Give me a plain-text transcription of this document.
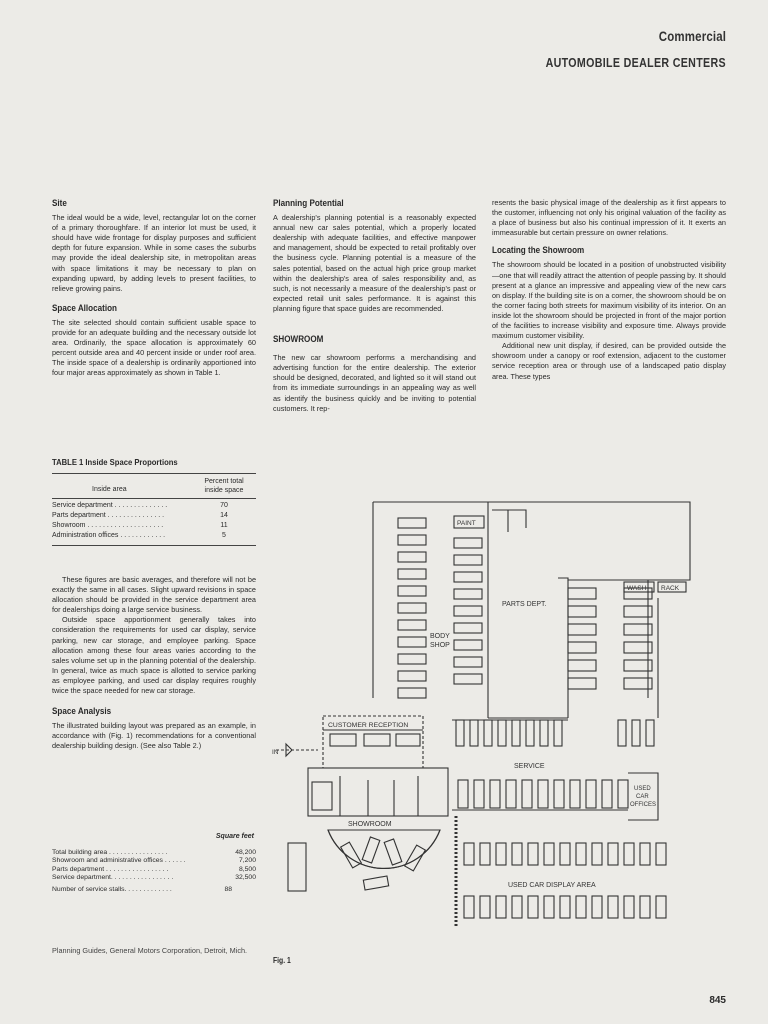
Commercial
AUTOMOBILE DEALER CENTERS
Site

The ideal would be a wide, level, rectangular lot on the corner of a primary thoroughfare. If an interior lot must be used, it should have wide frontage for display purposes and sufficient depth for future expansion. While in some cases the suburbs may provide the ideal dealership site, in metropolitan areas with space limitations it may be necessary to plan on expanding upward, by adding levels to present facilities, to relieve growing pains.

Space Allocation

The site selected should contain sufficient usable space to provide for an adequate building and the necessary outside lot area. Ordinarily, the space allocation is approximately 60 percent outside area and 40 percent inside or under roof area. The inside space of a dealership is ordinarily apportioned into four major areas approximately as shown in Table 1.

TABLE 1 Inside Space Proportions
Inside area	Percent total
inside space

Service department . . . . . . . . . . . . . .	70
Parts department . . . . . . . . . . . . . . .	14
Showroom . . . . . . . . . . . . . . . . . . . .	11
Administration offices . . . . . . . . . . . .	5

These figures are basic averages, and therefore will not be exactly the same in all cases. Slight upward revisions in space allocation should be provided in the service department area for dealerships doing a large service business.

Outside space apportionment generally takes into consideration the requirements for used car display, service parking, new car storage, and employee parking. Space allocation among these four areas varies according to the sales volume set up in the planning potential of the dealership. In general, twice as much space is allotted to service parking as employee parking, and used car display requires roughly twice the space needed for new car storage.

Space Analysis

The illustrated building layout was prepared as an example, in accordance with (Fig. 1) recommendations for a conventional dealership building design. (See also Table 2.)

Square feet
Total building area . . . . . . . . . . . . . . . .	48,200
Showroom and administrative offices . . . . . .	7,200
Parts department . . . . . . . . . . . . . . . . .	8,500
Service department. . . . . . . . . . . . . . . . .	32,500

Number of service stalls. . . . . . . . . . . . .	88
Planning Guides, General Motors Corporation, Detroit, Mich.
Planning Potential

A dealership's planning potential is a reasonably expected annual new car sales potential, which a properly located dealership with adequate facilities, and effective manpower and management, should be expected to retail profitably over the business cycle. Planning potential is a measure of the sales potential, based on the actual high price group market within the dealership's area of sales responsibility and, as such, is not necessarily a measure of the dealership's past or expected retail unit sales performance. It is against this planning figure that space guides are recommended.

SHOWROOM

The new car showroom performs a merchandising and advertising function for the entire dealership. The exterior should be designed, decorated, and lighted so it will stand out from its immediate surroundings in an appealing way as well as identify the business quickly and be inviting to potential customers. It rep-

resents the basic physical image of the dealership as it first appears to the customer, influencing not only his original valuation of the facility as a place of business but also his continual impression of it. It exerts an immeasurable but certain pressure on owner relations.

Locating the Showroom

The showroom should be located in a position of unobstructed visibility—one that will readily attract the attention of people passing by. It should present at a glance an impressive and appealing view of the new cars on display. If the building site is on a corner, the showroom should be on the corner facing both streets for maximum visibility of its interior. On an inside lot the showroom should be projected in front of the major portion of the facilities to increase visibility and exposure time. Always provide maximum customer visibility.

Additional new unit display, if desired, can be provided outside the showroom under a canopy or roof extension, adjacent to the customer service reception area or through use of a landscaped patio display area. These types

PAINT
WASH RACK
PARTS DEPT.
BODY
SHOP
CUSTOMER RECEPTION
IN
SERVICE
USED
CAR
OFFICES
SHOWROOM
USED CAR DISPLAY AREA
Fig. 1
845
